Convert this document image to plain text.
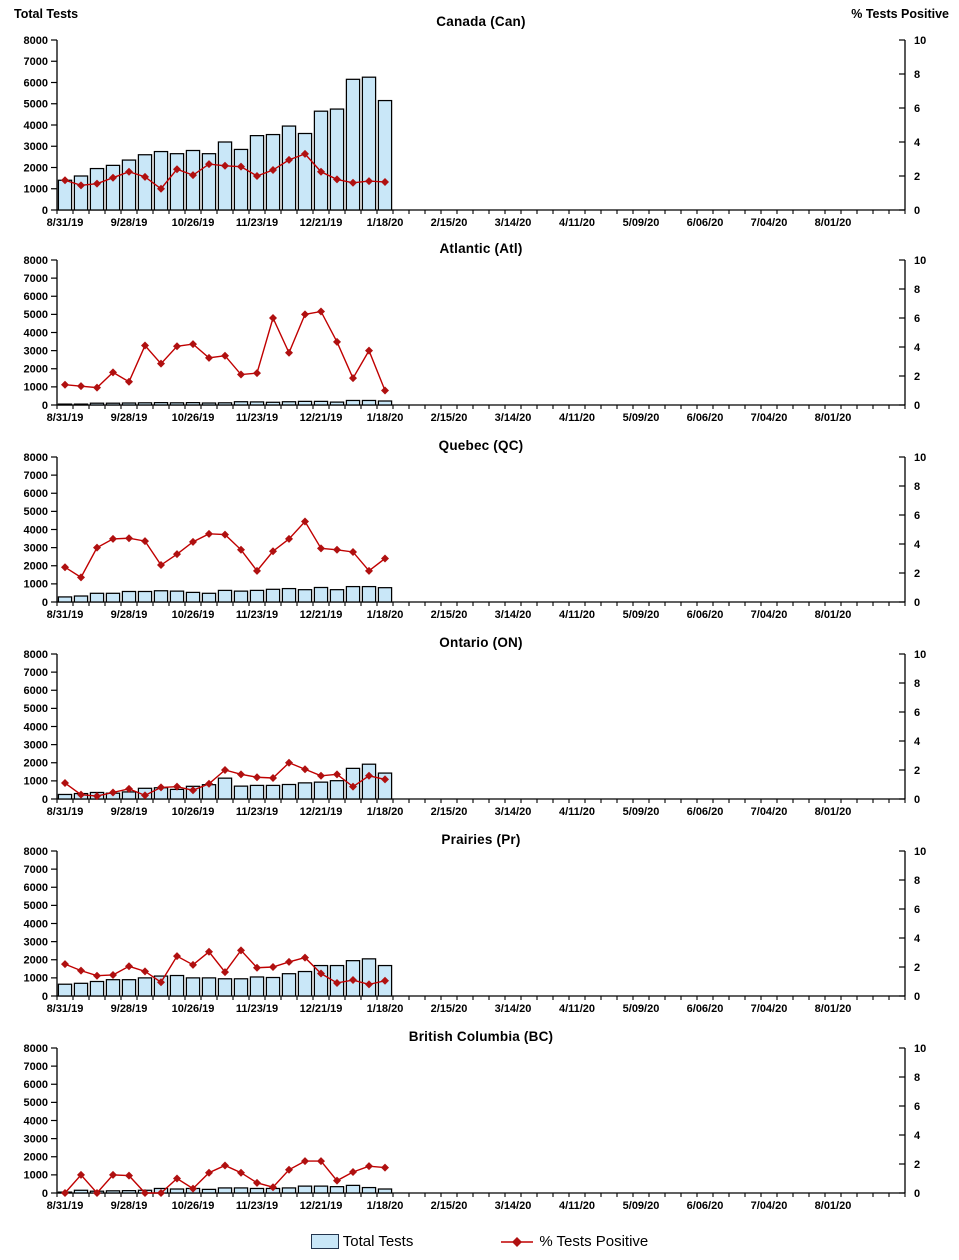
Total Tests	% Tests Positive
Canada (Can)
0
1000
2000
3000
4000
5000
6000
7000
8000
0
2
4
6
8
10
8/31/19 9/28/19 10/26/19 11/23/19 12/21/19 1/18/20 2/15/20 3/14/20	4/11/20	5/09/20 6/06/20 7/04/20 8/01/20
Atlantic (Atl)
0
1000
2000
3000
4000
5000
6000
7000
8000
0
2
4
6
8
10
8/31/19 9/28/19 10/26/19 11/23/19 12/21/19 1/18/20 2/15/20 3/14/20	4/11/20	5/09/20 6/06/20 7/04/20 8/01/20
Quebec (QC)
0
1000
2000
3000
4000
5000
6000
7000
8000
0
2
4
6
8
10
8/31/19 9/28/19 10/26/19 11/23/19 12/21/19 1/18/20 2/15/20 3/14/20	4/11/20	5/09/20 6/06/20 7/04/20 8/01/20
Ontario (ON)
0
1000
2000
3000
4000
5000
6000
7000
8000
0
2
4
6
8
10
8/31/19 9/28/19 10/26/19 11/23/19 12/21/19 1/18/20 2/15/20 3/14/20	4/11/20	5/09/20 6/06/20 7/04/20 8/01/20
Prairies (Pr)
0
1000
2000
3000
4000
5000
6000
7000
8000
0
2
4
6
8
10
8/31/19 9/28/19 10/26/19 11/23/19 12/21/19 1/18/20 2/15/20 3/14/20	4/11/20	5/09/20 6/06/20 7/04/20 8/01/20
British Columbia (BC)
0
1000
2000
3000
4000
5000
6000
7000
8000
0
2
4
6
8
10
8/31/19 9/28/19 10/26/19 11/23/19 12/21/19 1/18/20 2/15/20 3/14/20	4/11/20	5/09/20 6/06/20 7/04/20 8/01/20
Total Tests	% Tests Positive
